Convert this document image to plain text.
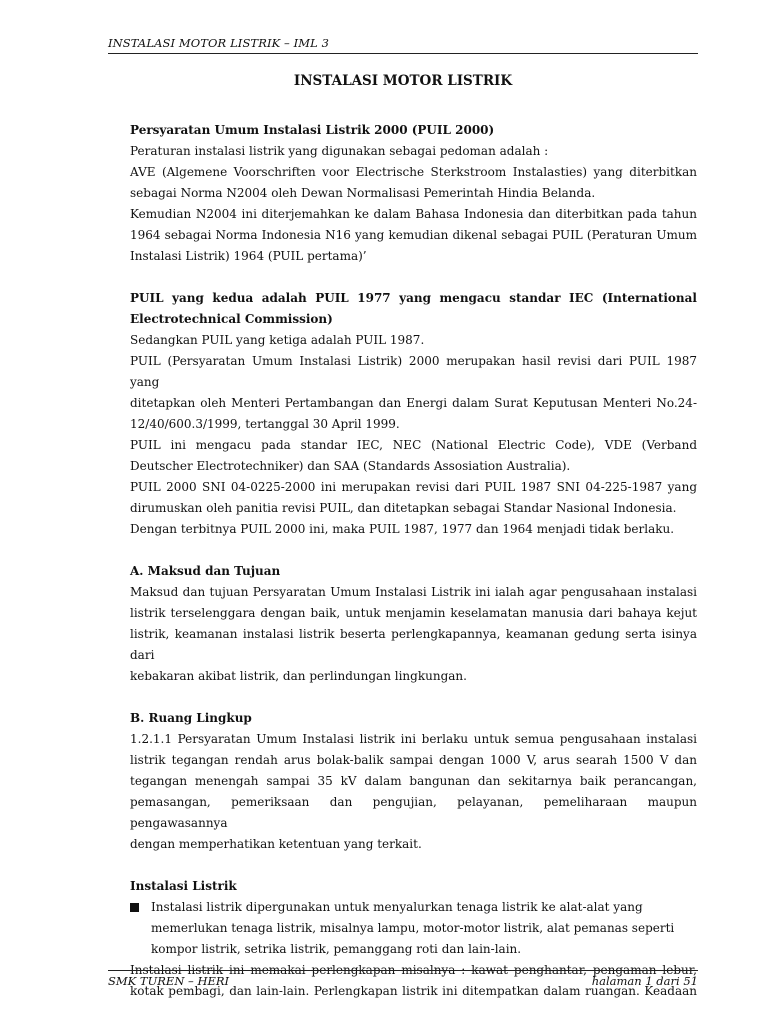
INSTALASI MOTOR LISTRIK – IML 3
INSTALASI MOTOR LISTRIK

Persyaratan Umum Instalasi Listrik 2000 (PUIL 2000)

Peraturan instalasi listrik yang digunakan sebagai pedoman adalah :

AVE (Algemene Voorschriften voor Electrische Sterkstroom Instalasties) yang diterbitkan

sebagai Norma N2004 oleh Dewan Normalisasi Pemerintah Hindia Belanda.

Kemudian N2004 ini diterjemahkan ke dalam Bahasa Indonesia dan diterbitkan pada tahun

1964 sebagai Norma Indonesia N16 yang kemudian dikenal sebagai PUIL (Peraturan Umum

Instalasi Listrik) 1964 (PUIL pertama)’

PUIL yang kedua adalah PUIL 1977 yang mengacu standar IEC (International

Electrotechnical Commission)

Sedangkan PUIL yang ketiga adalah PUIL 1987.

PUIL (Persyaratan Umum Instalasi Listrik) 2000 merupakan hasil revisi dari PUIL 1987 yang

ditetapkan oleh Menteri Pertambangan dan Energi dalam Surat Keputusan Menteri No.24-

12/40/600.3/1999, tertanggal 30 April 1999.

PUIL ini mengacu pada standar IEC, NEC (National Electric Code), VDE (Verband

Deutscher Electrotechniker) dan SAA (Standards Assosiation Australia).

PUIL 2000 SNI 04-0225-2000 ini merupakan revisi dari PUIL 1987 SNI 04-225-1987 yang

dirumuskan oleh panitia revisi PUIL, dan ditetapkan sebagai Standar Nasional Indonesia.

Dengan terbitnya PUIL 2000 ini, maka PUIL 1987, 1977 dan 1964 menjadi tidak berlaku.

A. Maksud dan Tujuan

Maksud dan tujuan Persyaratan Umum Instalasi Listrik ini ialah agar pengusahaan instalasi

listrik terselenggara dengan baik, untuk menjamin keselamatan manusia dari bahaya kejut

listrik, keamanan instalasi listrik beserta perlengkapannya, keamanan gedung serta isinya dari

kebakaran akibat listrik, dan perlindungan lingkungan.

B. Ruang Lingkup

1.2.1.1 Persyaratan Umum Instalasi listrik ini berlaku untuk semua pengusahaan instalasi

listrik tegangan rendah arus bolak-balik sampai dengan 1000 V, arus searah 1500 V dan

tegangan menengah sampai 35 kV dalam bangunan dan sekitarnya baik perancangan,

pemasangan, pemeriksaan dan pengujian, pelayanan, pemeliharaan maupun pengawasannya

dengan memperhatikan ketentuan yang terkait.

Instalasi Listrik

Instalasi listrik dipergunakan untuk menyalurkan tenaga listrik ke alat-alat yang

memerlukan tenaga listrik, misalnya lampu, motor-motor listrik, alat pemanas seperti

kompor listrik, setrika listrik, pemanggang roti dan lain-lain.

Instalasi listrik ini memakai perlengkapan misalnya : kawat penghantar, pengaman lebur,

kotak pembagi, dan lain-lain. Perlengkapan listrik ini ditempatkan dalam ruangan. Keadaan

SMK TUREN – HERI	halaman 1 dari 51
